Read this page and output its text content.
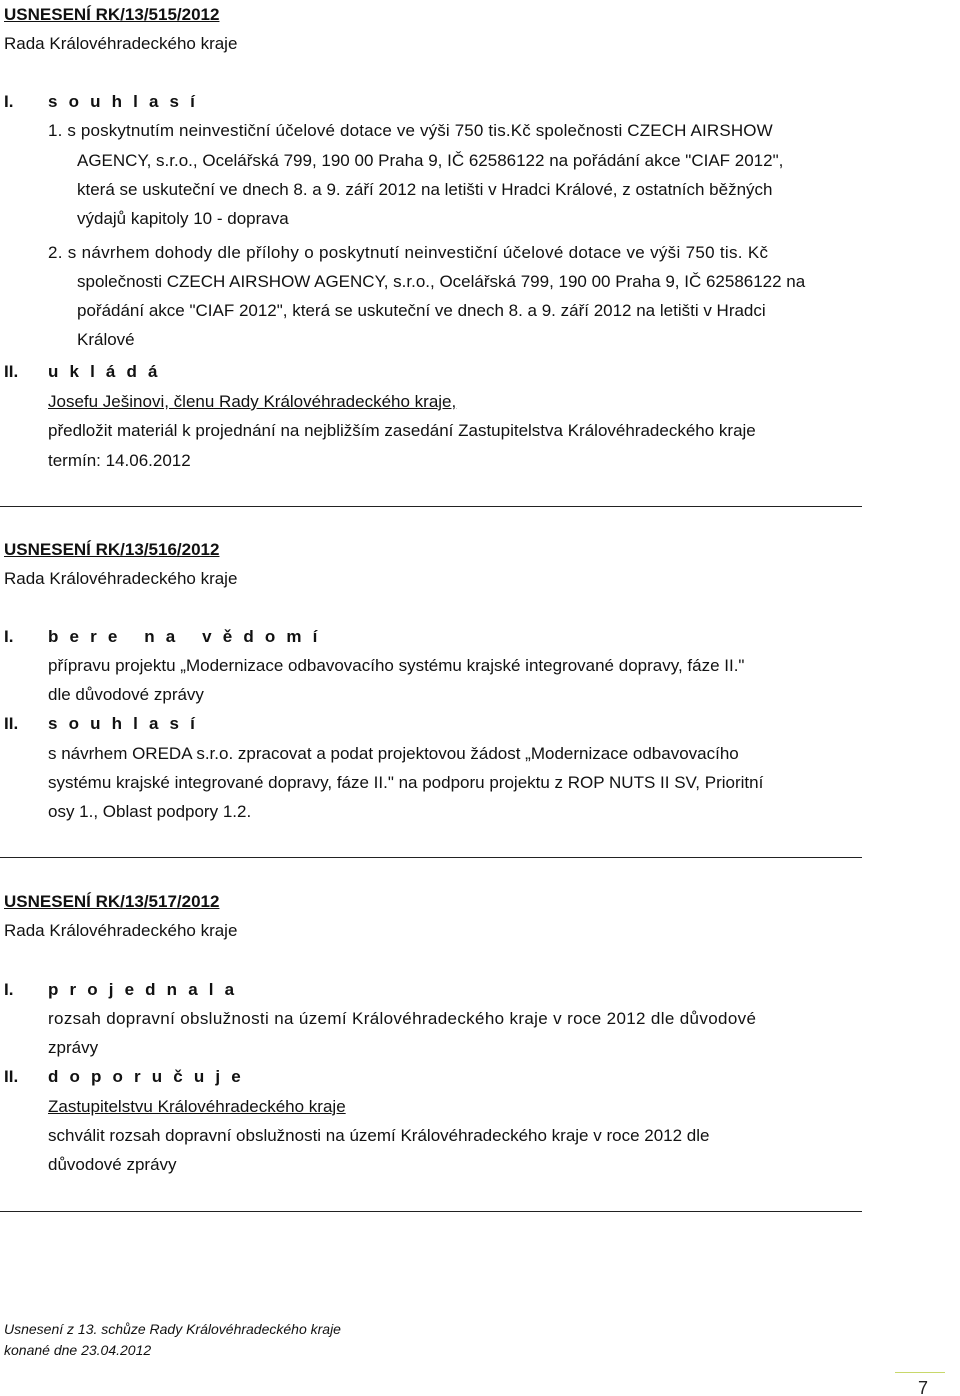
USNESENÍ RK/13/515/2012
Rada Královéhradeckého kraje
I. s o u h l a s í
1. s poskytnutím neinvestiční účelové dotace ve výši 750 tis.Kč společnosti CZECH AIRSHOW
AGENCY, s.r.o., Ocelářská 799, 190 00 Praha 9, IČ 62586122 na pořádání akce "CIAF 2012",
která se uskuteční ve dnech 8. a 9. září 2012 na letišti v Hradci Králové, z ostatních běžných
výdajů kapitoly 10 - doprava
2. s návrhem dohody dle přílohy o poskytnutí neinvestiční účelové dotace ve výši 750 tis. Kč
společnosti CZECH AIRSHOW AGENCY, s.r.o., Ocelářská 799, 190 00 Praha 9, IČ 62586122 na
pořádání akce "CIAF 2012", která se uskuteční ve dnech 8. a 9. září 2012 na letišti v Hradci
Králové
II. u k l á d á
Josefu Ješinovi, členu Rady Královéhradeckého kraje,
předložit materiál k projednání na nejbližším zasedání Zastupitelstva Královéhradeckého kraje
termín: 14.06.2012
USNESENÍ RK/13/516/2012
Rada Královéhradeckého kraje
I. b e r e   n a   v ě d o m í
přípravu projektu „Modernizace odbavovacího systému krajské integrované dopravy, fáze II."
dle důvodové zprávy
II. s o u h l a s í
s návrhem OREDA s.r.o. zpracovat a podat projektovou žádost „Modernizace odbavovacího
systému krajské integrované dopravy, fáze II." na podporu projektu z ROP NUTS II SV, Prioritní
osy 1., Oblast podpory 1.2.
USNESENÍ RK/13/517/2012
Rada Královéhradeckého kraje
I. p r o j e d n a l a
rozsah dopravní obslužnosti na území Královéhradeckého kraje v roce 2012 dle důvodové
zprávy
II. d o p o r u č u j e
Zastupitelstvu Královéhradeckého kraje
schválit rozsah dopravní obslužnosti na území Královéhradeckého kraje v roce 2012 dle
důvodové zprávy
Usnesení z 13. schůze Rady Královéhradeckého kraje
konané dne 23.04.2012
7
